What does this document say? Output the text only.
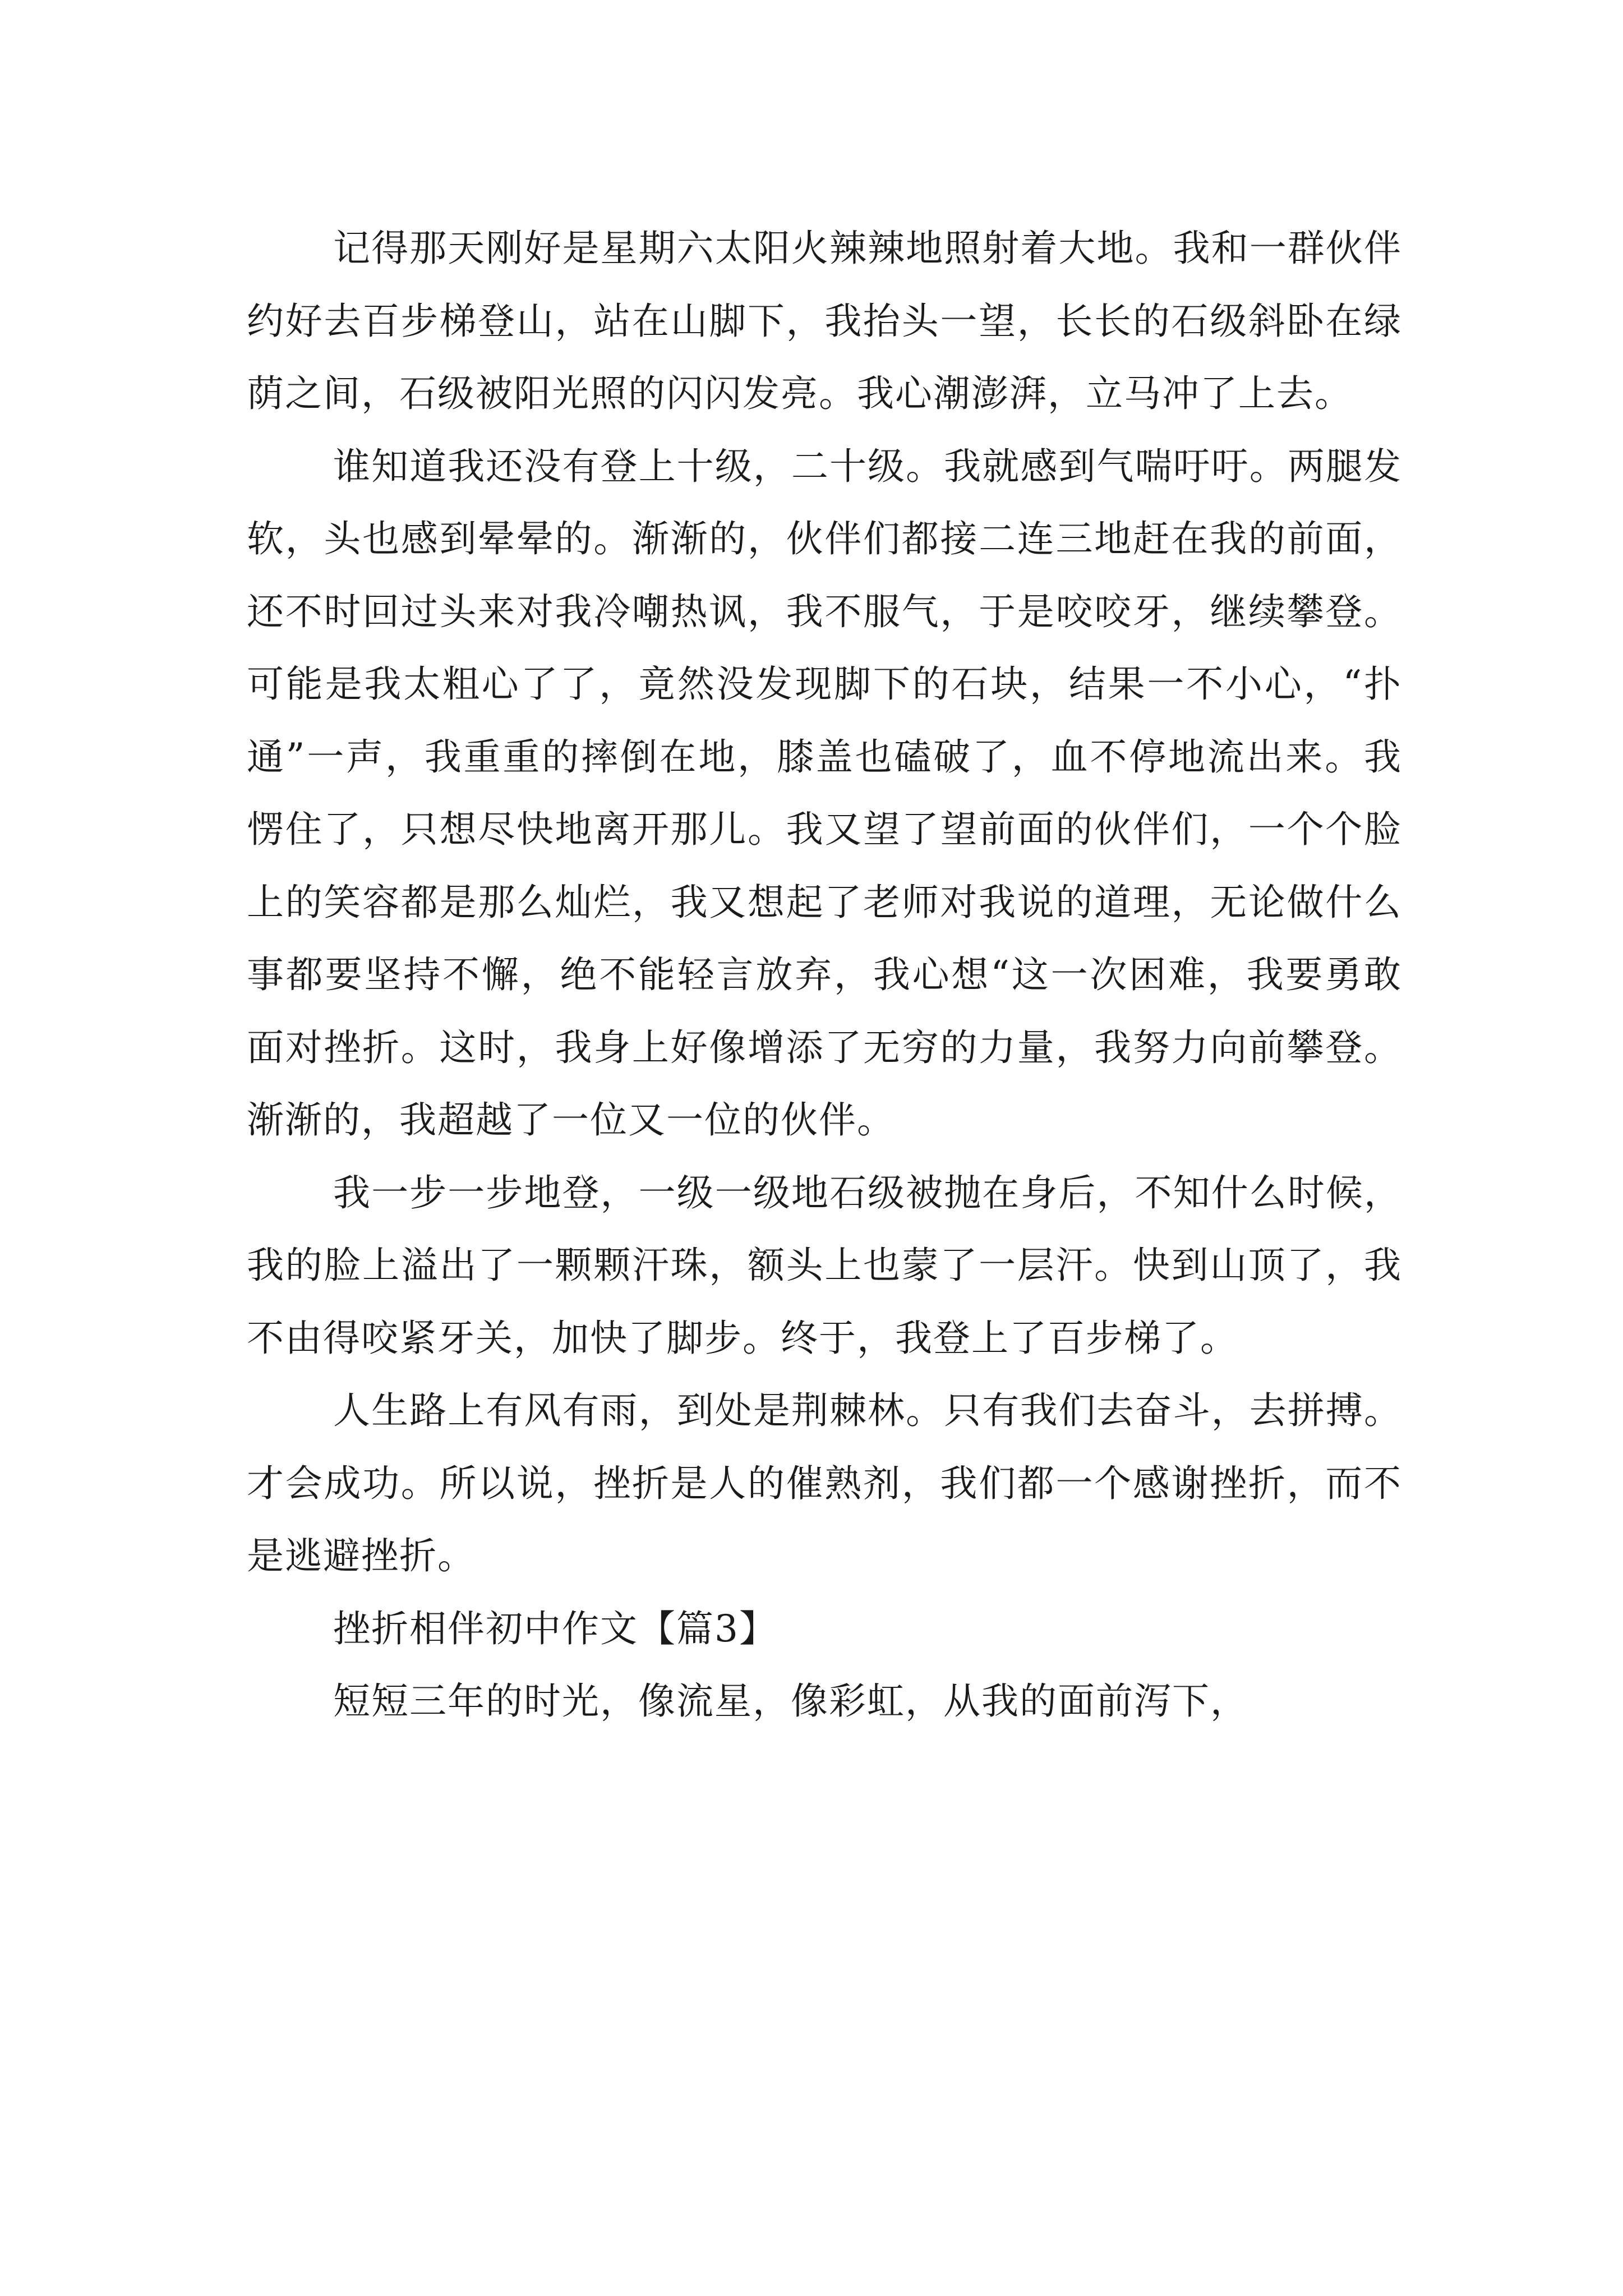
记得那天刚好是星期六太阳火辣辣地照射着大地。我和一群伙伴约好去百步梯登山，站在山脚下，我抬头一望，长长的石级斜卧在绿荫之间，石级被阳光照的闪闪发亮。我心潮澎湃，立马冲了上去。

谁知道我还没有登上十级，二十级。我就感到气喘吁吁。两腿发软，头也感到晕晕的。渐渐的，伙伴们都接二连三地赶在我的前面，还不时回过头来对我冷嘲热讽，我不服气，于是咬咬牙，继续攀登。可能是我太粗心了了，竟然没发现脚下的石块，结果一不小心，“扑通”一声，我重重的摔倒在地，膝盖也磕破了，血不停地流出来。我愣住了，只想尽快地离开那儿。我又望了望前面的伙伴们，一个个脸上的笑容都是那么灿烂，我又想起了老师对我说的道理，无论做什么事都要坚持不懈，绝不能轻言放弃，我心想“这一次困难，我要勇敢面对挫折。这时，我身上好像增添了无穷的力量，我努力向前攀登。渐渐的，我超越了一位又一位的伙伴。

我一步一步地登，一级一级地石级被抛在身后，不知什么时候，我的脸上溢出了一颗颗汗珠，额头上也蒙了一层汗。快到山顶了，我不由得咬紧牙关，加快了脚步。终于，我登上了百步梯了。

人生路上有风有雨，到处是荆棘林。只有我们去奋斗，去拼搏。才会成功。所以说，挫折是人的催熟剂，我们都一个感谢挫折，而不是逃避挫折。

挫折相伴初中作文【篇3】

短短三年的时光，像流星，像彩虹，从我的面前泻下，
